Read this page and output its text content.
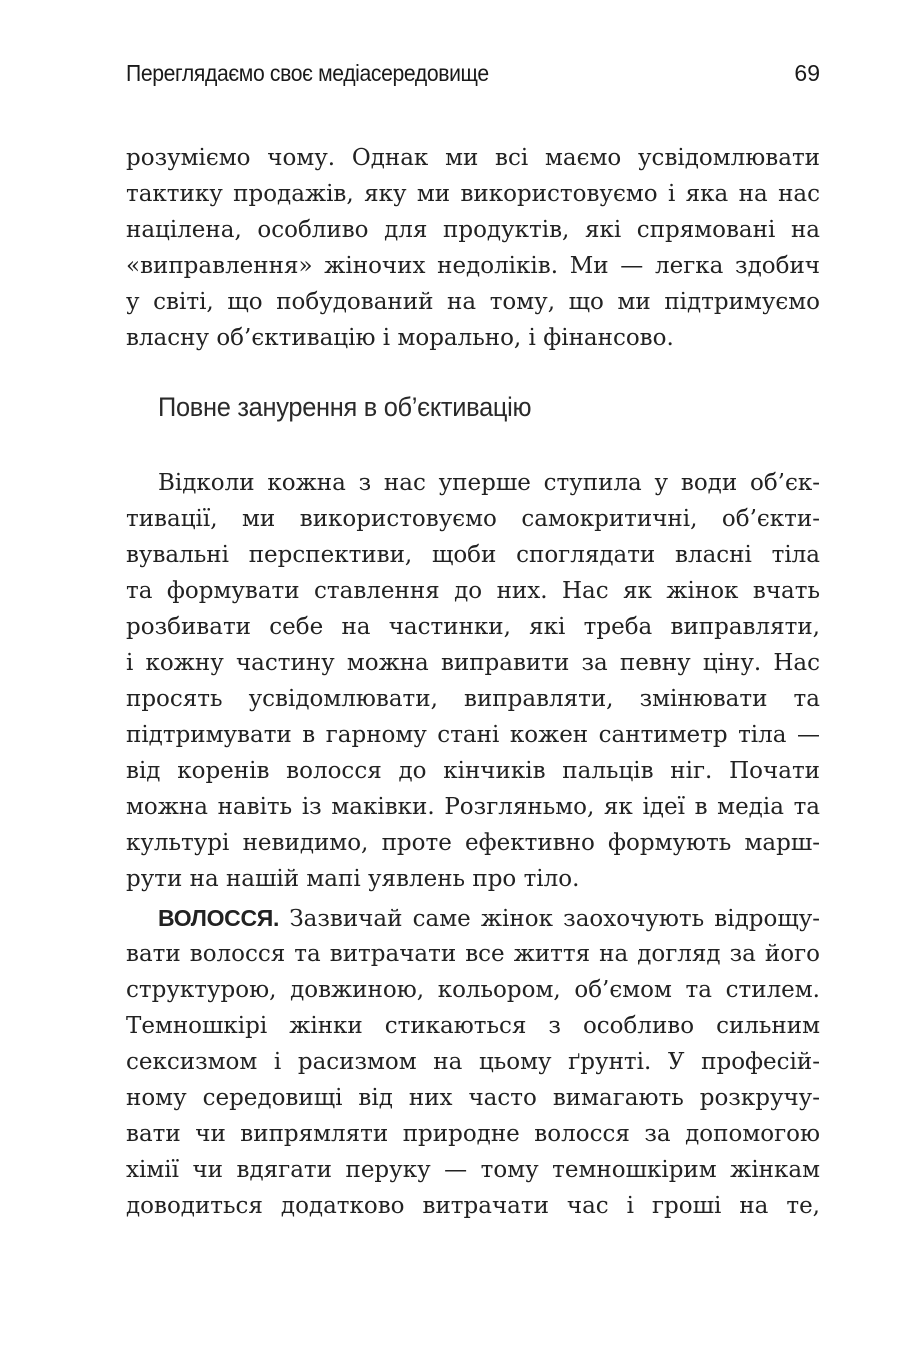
Переглядаємо своє медіасередовище	69
розуміємо чому. Однак ми всі маємо усвідомлювати
тактику продажів, яку ми використовуємо і яка на нас
націлена, особливо для продуктів, які спрямовані на
«виправлення» жіночих недоліків. Ми — легка здобич
у світі, що побудований на тому, що ми підтримуємо
власну об’єктивацію і морально, і фінансово.
Повне занурення в об’єктивацію
Відколи кожна з нас уперше ступила у води об’єк-
тивації, ми використовуємо самокритичні, об’єкти-
вувальні перспективи, щоби споглядати власні тіла
та формувати ставлення до них. Нас як жінок вчать
розбивати себе на частинки, які треба виправляти,
і кожну частину можна виправити за певну ціну. Нас
просять усвідомлювати, виправляти, змінювати та
підтримувати в гарному стані кожен сантиметр тіла —
від коренів волосся до кінчиків пальців ніг. Почати
можна навіть із маківки. Розгляньмо, як ідеї в медіа та
культурі невидимо, проте ефективно формують марш-
рути на нашій мапі уявлень про тіло.
ВОЛОССЯ. Зазвичай саме жінок заохочують відрощу-
вати волосся та витрачати все життя на догляд за його
структурою, довжиною, кольором, об’ємом та стилем.
Темношкірі жінки стикаються з особливо сильним
сексизмом і расизмом на цьому ґрунті. У професій-
ному середовищі від них часто вимагають розкручу-
вати чи випрямляти природне волосся за допомогою
хімії чи вдягати перуку — тому темношкірим жінкам
доводиться додатково витрачати час і гроші на те,
